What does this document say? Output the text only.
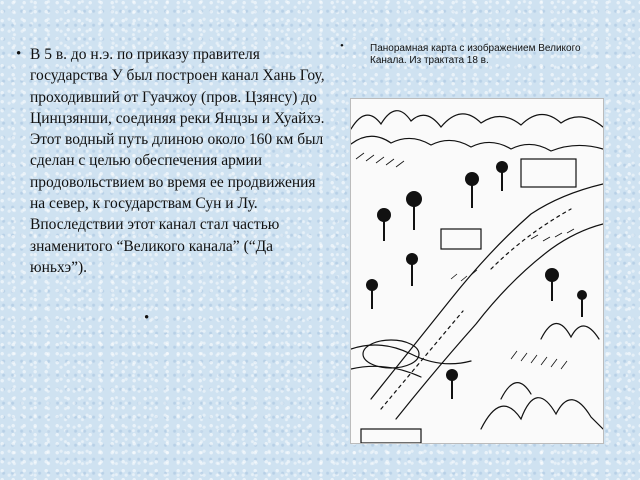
• В 5 в. до н.э. по приказу правителя государства У был построен канал Хань Гоу, проходивший от Гуачжоу (пров. Цзянсу) до Цинцзянши, соединяя реки Янцзы и Хуайхэ. Этот водный путь длиною около 160 км был сделан с целью обеспечения армии продовольствием во время ее продвижения на север, к государствам Сун и Лу. Впоследствии этот канал стал частью знаменитого “Великого канала” (“Да юньхэ”).
•
•	Панорамная карта с изображением Великого Канала. Из трактата 18 в.
